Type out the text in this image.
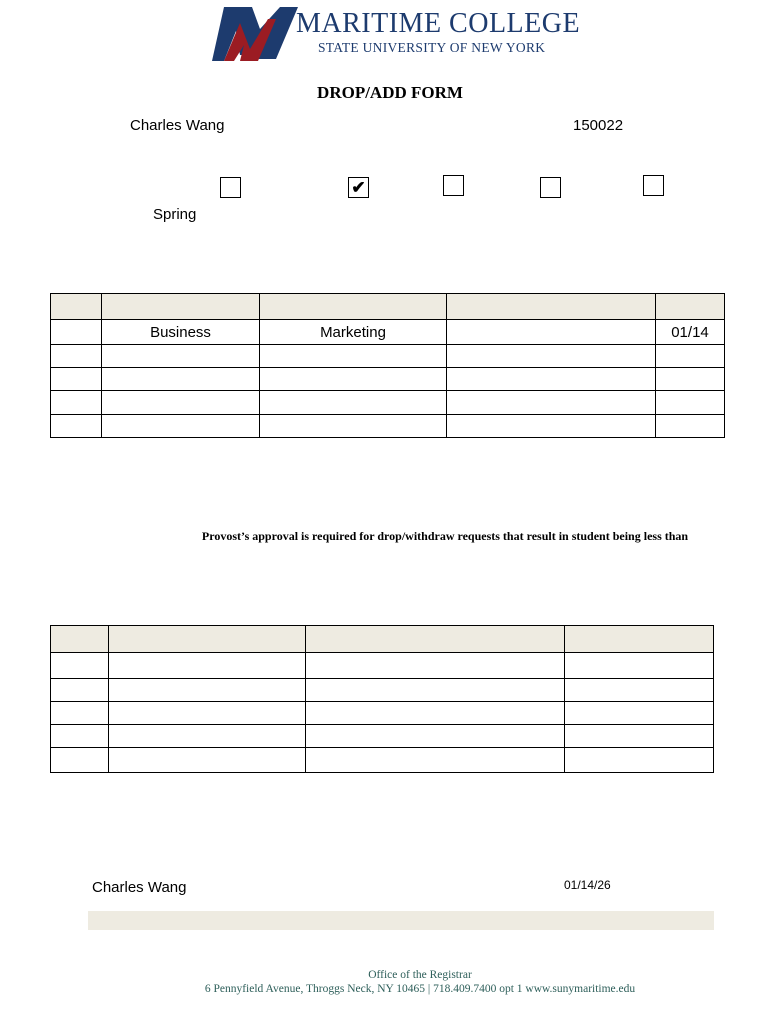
MARITIME COLLEGE
STATE UNIVERSITY OF NEW YORK
DROP/ADD FORM
Charles Wang	150022
Spring
✔

	Business	Marketing		01/14

Provost’s approval is required for drop/withdraw requests that result in student being less than

Charles Wang	01/14/26
Office of the Registrar
6 Pennyfield Avenue, Throggs Neck, NY 10465 | 718.409.7400 opt 1 www.sunymaritime.edu
